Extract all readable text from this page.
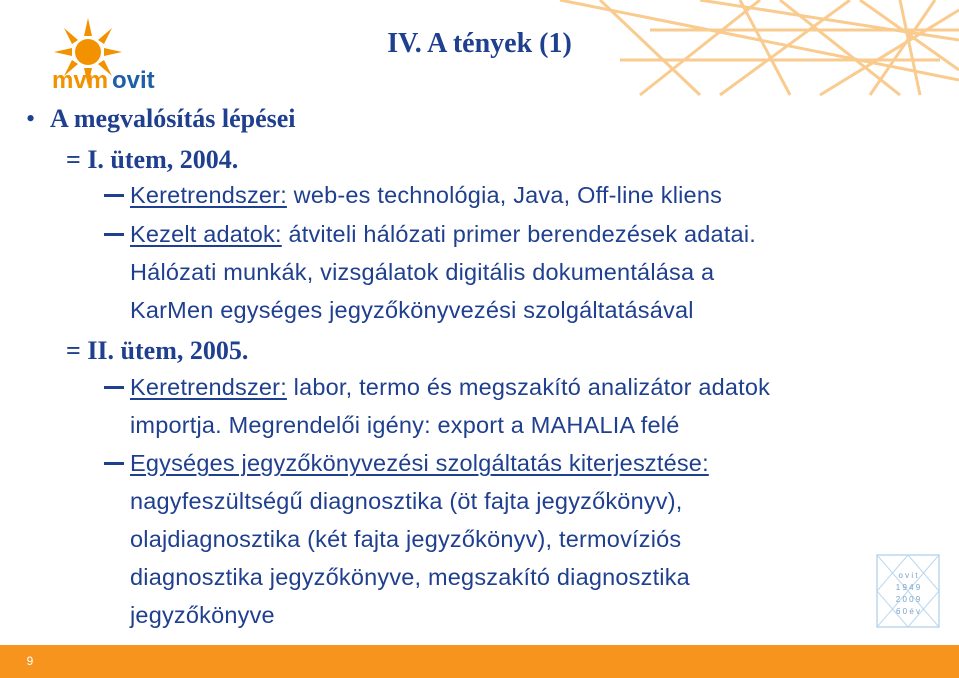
mvm ovit
IV. A tények (1)
• A megvalósítás lépései
= I. ütem, 2004.
Keretrendszer: web-es technológia, Java, Off-line kliens
Kezelt adatok: átviteli hálózati primer berendezések adatai.
Hálózati munkák, vizsgálatok digitális dokumentálása a
KarMen egységes jegyzőkönyvezési szolgáltatásával
= II. ütem, 2005.
Keretrendszer: labor, termo és megszakító analizátor adatok
importja. Megrendelői igény: export a MAHALIA felé
Egységes jegyzőkönyvezési szolgáltatás kiterjesztése:
nagyfeszültségű diagnosztika (öt fajta jegyzőkönyv),
olajdiagnosztika (két fajta jegyzőkönyv), termovíziós
diagnosztika jegyzőkönyve, megszakító diagnosztika
jegyzőkönyve
o v i t
1 9 4 9
2 0 0 9
6 0 é v
9
